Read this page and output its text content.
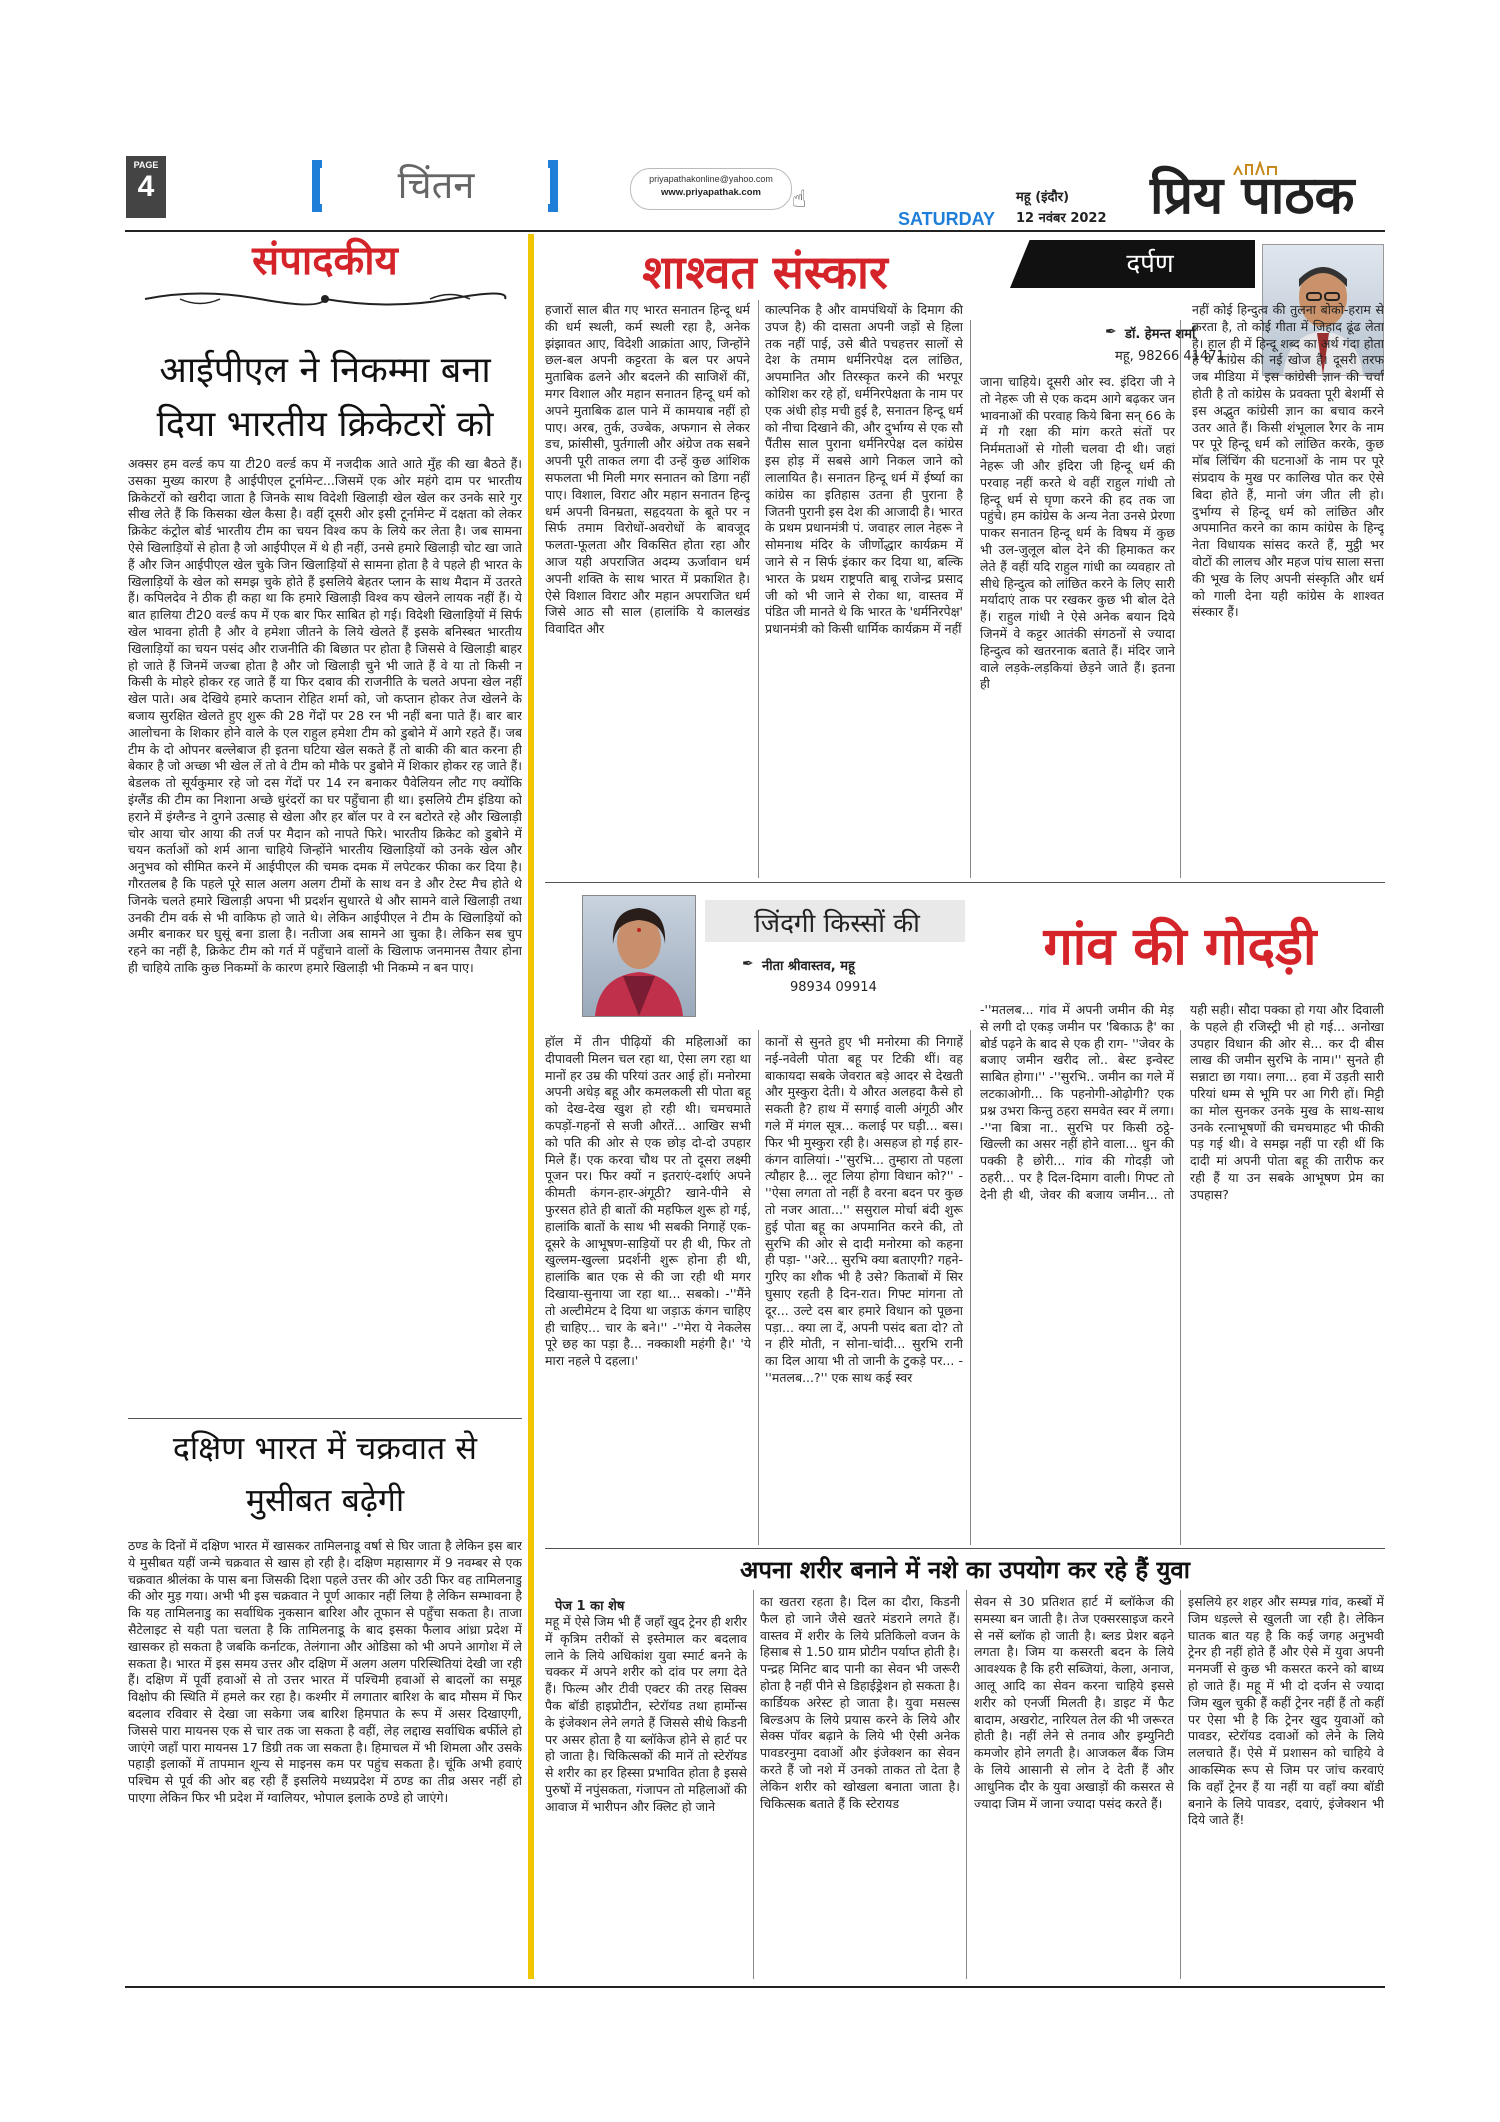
PAGE
4	चिंतन	priyapathakonline@yahoo.com
www.priyapathak.com	☝
SATURDAY
महू (इंदौर)
12 नवंबर 2022 प्रिय पाठक
संपादकीय
आईपीएल ने निकम्मा बना दिया भारतीय क्रिकेटरों को
अक्सर हम वर्ल्ड कप या टी20 वर्ल्ड कप में नजदीक आते आते मुँह की खा बैठते हैं। उसका मुख्य कारण है आईपीएल टूर्नामेन्ट...जिसमें एक ओर महंगे दाम पर भारतीय क्रिकेटरों को खरीदा जाता है जिनके साथ विदेशी खिलाड़ी खेल खेल कर उनके सारे गुर सीख लेते हैं कि किसका खेल कैसा है। वहीं दूसरी ओर इसी टूर्नामेन्ट में दक्षता को लेकर क्रिकेट कंट्रोल बोर्ड भारतीय टीम का चयन विश्व कप के लिये कर लेता है। जब सामना ऐसे खिलाड़ियों से होता है जो आईपीएल में थे ही नहीं, उनसे हमारे खिलाड़ी चोट खा जाते हैं और जिन आईपीएल खेल चुके जिन खिलाड़ियों से सामना होता है वे पहले ही भारत के खिलाड़ियों के खेल को समझ चुके होते हैं इसलिये बेहतर प्लान के साथ मैदान में उतरते हैं। कपिलदेव ने ठीक ही कहा था कि हमारे खिलाड़ी विश्व कप खेलने लायक नहीं हैं। ये बात हालिया टी20 वर्ल्ड कप में एक बार फिर साबित हो गई। विदेशी खिलाड़ियों में सिर्फ खेल भावना होती है और वे हमेशा जीतने के लिये खेलते हैं इसके बनिस्बत भारतीय खिलाड़ियों का चयन पसंद और राजनीति की बिछात पर होता है जिससे वे खिलाड़ी बाहर हो जाते हैं जिनमें जज्बा होता है और जो खिलाड़ी चुने भी जाते हैं वे या तो किसी न किसी के मोहरे होकर रह जाते हैं या फिर दबाव की राजनीति के चलते अपना खेल नहीं खेल पाते। अब देखिये हमारे कप्तान रोहित शर्मा को, जो कप्तान होकर तेज खेलने के बजाय सुरक्षित खेलते हुए शुरू की 28 गेंदों पर 28 रन भी नहीं बना पाते हैं। बार बार आलोचना के शिकार होने वाले के एल राहुल हमेशा टीम को डुबोने में आगे रहते हैं। जब टीम के दो ओपनर बल्लेबाज ही इतना घटिया खेल सकते हैं तो बाकी की बात करना ही बेकार है जो अच्छा भी खेल लें तो वे टीम को मौके पर डुबोने में शिकार होकर रह जाते हैं। बेडलक तो सूर्यकुमार रहे जो दस गेंदों पर 14 रन बनाकर पैवेलियन लौट गए क्योंकि इंग्लैंड की टीम का निशाना अच्छे धुरंदरों का घर पहुँचाना ही था। इसलिये टीम इंडिया को हराने में इंग्लैन्ड ने दुगने उत्साह से खेला और हर बॉल पर वे रन बटोरते रहे और खिलाड़ी चोर आया चोर आया की तर्ज पर मैदान को नापते फिरे। भारतीय क्रिकेट को डुबोने में चयन कर्ताओं को शर्म आना चाहिये जिन्होंने भारतीय खिलाड़ियों को उनके खेल और अनुभव को सीमित करने में आईपीएल की चमक दमक में लपेटकर फीका कर दिया है। गौरतलब है कि पहले पूरे साल अलग अलग टीमों के साथ वन डे और टेस्ट मैच होते थे जिनके चलते हमारे खिलाड़ी अपना भी प्रदर्शन सुधारते थे और सामने वाले खिलाड़ी तथा उनकी टीम वर्क से भी वाकिफ हो जाते थे। लेकिन आईपीएल ने टीम के खिलाड़ियों को अमीर बनाकर घर घुसूं बना डाला है। नतीजा अब सामने आ चुका है। लेकिन सब चुप रहने का नहीं है, क्रिकेट टीम को गर्त में पहुँचाने वालों के खिलाफ जनमानस तैयार होना ही चाहिये ताकि कुछ निकम्मों के कारण हमारे खिलाड़ी भी निकम्मे न बन पाए।
दक्षिण भारत में चक्रवात से मुसीबत बढ़ेगी
ठण्ड के दिनों में दक्षिण भारत में खासकर तामिलनाडू वर्षा से घिर जाता है लेकिन इस बार ये मुसीबत यहीं जन्मे चक्रवात से खास हो रही है। दक्षिण महासागर में 9 नवम्बर से एक चक्रवात श्रीलंका के पास बना जिसकी दिशा पहले उत्तर की ओर उठी फिर वह तामिलनाडु की ओर मुड़ गया। अभी भी इस चक्रवात ने पूर्ण आकार नहीं लिया है लेकिन सम्भावना है कि यह तामिलनाडु का सर्वाधिक नुकसान बारिश और तूफान से पहुँचा सकता है। ताजा सैटेलाइट से यही पता चलता है कि तामिलनाडू के बाद इसका फैलाव आंध्रा प्रदेश में खासकर हो सकता है जबकि कर्नाटक, तेलंगाना और ओडिसा को भी अपने आगोश में ले सकता है। भारत में इस समय उत्तर और दक्षिण में अलग अलग परिस्थितियां देखी जा रही हैं। दक्षिण में पूर्वी हवाओं से तो उत्तर भारत में पश्चिमी हवाओं से बादलों का समूह विक्षोप की स्थिति में हमले कर रहा है। कश्मीर में लगातार बारिश के बाद मौसम में फिर बदलाव रविवार से देखा जा सकेगा जब बारिश हिमपात के रूप में असर दिखाएगी, जिससे पारा मायनस एक से चार तक जा सकता है वहीं, लेह लद्दाख सर्वाधिक बर्फीले हो जाएंगे जहाँ पारा मायनस 17 डिग्री तक जा सकता है। हिमाचल में भी शिमला और उसके पहाड़ी इलाकों में तापमान शून्य से माइनस कम पर पहुंच सकता है। चूंकि अभी हवाएं पश्चिम से पूर्व की ओर बह रही हैं इसलिये मध्यप्रदेश में ठण्ड का तीव्र असर नहीं हो पाएगा लेकिन फिर भी प्रदेश में ग्वालियर, भोपाल इलाके ठण्डे हो जाएंगे।
शाश्वत संस्कार
हजारों साल बीत गए भारत सनातन हिन्दू धर्म की धर्म स्थली, कर्म स्थली रहा है, अनेक झंझावत आए, विदेशी आक्रांता आए, जिन्होंने छल-बल अपनी कट्टरता के बल पर अपने मुताबिक ढलने और बदलने की साजिशें कीं, मगर विशाल और महान सनातन हिन्दू धर्म को अपने मुताबिक ढाल पाने में कामयाब नहीं हो पाए। अरब, तुर्क, उज्बेक, अफगान से लेकर डच, फ्रांसीसी, पुर्तगाली और अंग्रेज तक सबने अपनी पूरी ताकत लगा दी उन्हें कुछ आंशिक सफलता भी मिली मगर सनातन को डिगा नहीं पाए। विशाल, विराट और महान सनातन हिन्दू धर्म अपनी विनम्रता, सहृदयता के बूते पर न सिर्फ तमाम विरोधों-अवरोधों के बावजूद फलता-फूलता और विकसित होता रहा और आज यही अपराजित अदम्य ऊर्जावान धर्म अपनी शक्ति के साथ भारत में प्रकाशित है। ऐसे विशाल विराट और महान अपराजित धर्म जिसे आठ सौ साल (हालांकि ये कालखंड विवादित और
काल्पनिक है और वामपंथियों के दिमाग की उपज है) की दासता अपनी जड़ों से हिला तक नहीं पाई, उसे बीते पचहत्तर सालों से देश के तमाम धर्मनिरपेक्ष दल लांछित, अपमानित और तिरस्कृत करने की भरपूर कोशिश कर रहे हों, धर्मनिरपेक्षता के नाम पर एक अंधी होड़ मची हुई है, सनातन हिन्दू धर्म को नीचा दिखाने की, और दुर्भाग्य से एक सौ पैंतीस साल पुराना धर्मनिरपेक्ष दल कांग्रेस इस होड़ में सबसे आगे निकल जाने को लालायित है। सनातन हिन्दू धर्म में ईर्ष्या का कांग्रेस का इतिहास उतना ही पुराना है जितनी पुरानी इस देश की आजादी है। भारत के प्रथम प्रधानमंत्री पं. जवाहर लाल नेहरू ने सोमनाथ मंदिर के जीर्णोद्धार कार्यक्रम में जाने से न सिर्फ इंकार कर दिया था, बल्कि भारत के प्रथम राष्ट्रपति बाबू राजेन्द्र प्रसाद जी को भी जाने से रोका था, वास्तव में पंडित जी मानते थे कि भारत के 'धर्मनिरपेक्ष' प्रधानमंत्री को किसी धार्मिक कार्यक्रम में नहीं
दर्पण
✒ डॉ. हेमन्त शर्मा
महू, 98266 41471
जाना चाहिये। दूसरी ओर स्व. इंदिरा जी ने तो नेहरू जी से एक कदम आगे बढ़कर जन भावनाओं की परवाह किये बिना सन् 66 के में गौ रक्षा की मांग करते संतों पर निर्ममताओं से गोली चलवा दी थी। जहां नेहरू जी और इंदिरा जी हिन्दू धर्म की परवाह नहीं करते थे वहीं राहुल गांधी तो हिन्दू धर्म से घृणा करने की हद तक जा पहुंचे। हम कांग्रेस के अन्य नेता उनसे प्रेरणा पाकर सनातन हिन्दू धर्म के विषय में कुछ भी उल-जुलूल बोल देने की हिमाकत कर लेते हैं वहीं यदि राहुल गांधी का व्यवहार तो सीधे हिन्दुत्व को लांछित करने के लिए सारी मर्यादाएं ताक पर रखकर कुछ भी बोल देते हैं। राहुल गांधी ने ऐसे अनेक बयान दिये जिनमें वे कट्टर आतंकी संगठनों से ज्यादा हिन्दुत्व को खतरनाक बताते हैं। मंदिर जाने वाले लड़के-लड़कियां छेड़ने जाते हैं। इतना ही
नहीं कोई हिन्दुत्व की तुलना बोको-हराम से करता है, तो कोई गीता में जिहाद ढूंढ लेता है। हाल ही में हिन्दू शब्द का अर्थ गंदा होता है ये कांग्रेस की नई खोज है। दूसरी तरफ जब मीडिया में इस कांग्रेसी ज्ञान की चर्चा होती है तो कांग्रेस के प्रवक्ता पूरी बेशर्मी से इस अद्भुत कांग्रेसी ज्ञान का बचाव करने उतर आते हैं। किसी शंभूलाल रैगर के नाम पर पूरे हिन्दू धर्म को लांछित करके, कुछ मॉब लिंचिंग की घटनाओं के नाम पर पूरे संप्रदाय के मुख पर कालिख पोत कर ऐसे बिदा होते हैं, मानो जंग जीत ली हो। दुर्भाग्य से हिन्दू धर्म को लांछित और अपमानित करने का काम कांग्रेस के हिन्दू नेता विधायक सांसद करते हैं, मुट्ठी भर वोटों की लालच और महज पांच साला सत्ता की भूख के लिए अपनी संस्कृति और धर्म को गाली देना यही कांग्रेस के शाश्वत संस्कार हैं।
जिंदगी किस्सों की
✒ नीता श्रीवास्तव, महू
98934 09914
गांव की गोदड़ी
हॉल में तीन पीढ़ियों की महिलाओं का दीपावली मिलन चल रहा था, ऐसा लग रहा था मानों हर उम्र की परियां उतर आई हों। मनोरमा अपनी अधेड़ बहू और कमलकली सी पोता बहू को देख-देख खुश हो रही थी। चमचमाते कपड़ों-गहनों से सजी औरतें... आखिर सभी को पति की ओर से एक छोड़ दो-दो उपहार मिले हैं। एक करवा चौथ पर तो दूसरा लक्ष्मी पूजन पर। फिर क्यों न इतराएं-दर्शाएं अपने कीमती कंगन-हार-अंगूठी? खाने-पीने से फुरसत होते ही बातों की महफिल शुरू हो गई, हालांकि बातों के साथ भी सबकी निगाहें एक-दूसरे के आभूषण-साड़ियों पर ही थी, फिर तो खुल्लम-खुल्ला प्रदर्शनी शुरू होना ही थी, हालांकि बात एक से की जा रही थी मगर दिखाया-सुनाया जा रहा था... सबको। -''मैंने तो अल्टीमेटम दे दिया था जड़ाऊ कंगन चाहिए ही चाहिए... चार के बने।'' -''मेरा ये नेकलेस पूरे छह का पड़ा है... नक्काशी महंगी है।' 'ये मारा नहले पे दहला।'
कानों से सुनते हुए भी मनोरमा की निगाहें नई-नवेली पोता बहू पर टिकी थीं। वह बाकायदा सबके जेवरात बड़े आदर से देखती और मुस्कुरा देती। ये औरत अलहदा कैसे हो सकती है? हाथ में सगाई वाली अंगूठी और गले में मंगल सूत्र... कलाई पर घड़ी... बस। फिर भी मुस्कुरा रही है। असहज हो गई हार-कंगन वालियां। -''सुरभि... तुम्हारा तो पहला त्यौहार है... लूट लिया होगा विधान को?'' -''ऐसा लगता तो नहीं है वरना बदन पर कुछ तो नजर आता...'' ससुराल मोर्चा बंदी शुरू हुई पोता बहू का अपमानित करने की, तो सुरभि की ओर से दादी मनोरमा को कहना ही पड़ा- ''अरे... सुरभि क्या बताएगी? गहने-गुरिए का शौक भी है उसे? किताबों में सिर घुसाए रहती है दिन-रात। गिफ्ट मांगना तो दूर... उल्टे दस बार हमारे विधान को पूछना पड़ा... क्या ला दें, अपनी पसंद बता दो? तो न हीरे मोती, न सोना-चांदी... सुरभि रानी का दिल आया भी तो जानी के टुकड़े पर... -''मतलब...?'' एक साथ कई स्वर
-''मतलब... गांव में अपनी जमीन की मेड़ से लगी दो एकड़ जमीन पर 'बिकाऊ है' का बोर्ड पढ़ने के बाद से एक ही राग- ''जेवर के बजाए जमीन खरीद लो.. बेस्ट इन्वेस्ट साबित होगा।'' -''सुरभि.. जमीन का गले में लटकाओगी... कि पहनोगी-ओढ़ोगी? एक प्रश्न उभरा किन्तु ठहरा समवेत स्वर में लगा। -''ना बित्रा ना.. सुरभि पर किसी ठट्ठे-खिल्ली का असर नहीं होने वाला... धुन की पक्की है छोरी... गांव की गोदड़ी जो ठहरी... पर है दिल-दिमाग वाली। गिफ्ट तो देनी ही थी, जेवर की बजाय जमीन... तो यही सही। सौदा पक्का हो गया और दिवाली के पहले ही रजिस्ट्री भी हो गई... अनोखा उपहार विधान की ओर से... कर दी बीस लाख की जमीन सुरभि के नाम।'' सुनते ही सन्नाटा छा गया। लगा... हवा में उड़ती सारी परियां धम्म से भूमि पर आ गिरी हों। मिट्टी का मोल सुनकर उनके मुख के साथ-साथ उनके रत्नाभूषणों की चमचमाहट भी फीकी पड़ गई थी। वे समझ नहीं पा रही थीं कि दादी मां अपनी पोता बहू की तारीफ कर रही हैं या उन सबके आभूषण प्रेम का उपहास?
अपना शरीर बनाने में नशे का उपयोग कर रहे हैं युवा
पेज 1 का शेष
महू में ऐसे जिम भी हैं जहाँ खुद ट्रेनर ही शरीर में कृत्रिम तरीकों से इस्तेमाल कर बदलाव लाने के लिये अधिकांश युवा स्मार्ट बनने के चक्कर में अपने शरीर को दांव पर लगा देते हैं। फिल्म और टीवी एक्टर की तरह सिक्स पैक बॉडी हाइप्रोटीन, स्टेरॉयड तथा हार्मोन्स के इंजेक्शन लेने लगते हैं जिससे सीधे किडनी पर असर होता है या ब्लॉकेज होने से हार्ट पर हो जाता है। चिकित्सकों की मानें तो स्टेरॉयड से शरीर का हर हिस्सा प्रभावित होता है इससे पुरुषों में नपुंसकता, गंजापन तो महिलाओं की आवाज में भारीपन और क्लिट हो जाने
का खतरा रहता है। दिल का दौरा, किडनी फैल हो जाने जैसे खतरे मंडराने लगते हैं। वास्तव में शरीर के लिये प्रतिकिलो वजन के हिसाब से 1.50 ग्राम प्रोटीन पर्याप्त होती है। पन्द्रह मिनिट बाद पानी का सेवन भी जरूरी होता है नहीं पीने से डिहाईड्रेशन हो सकता है। कार्डियक अरेस्ट हो जाता है। युवा मसल्स बिल्डअप के लिये प्रयास करने के लिये और सेक्स पॉवर बढ़ाने के लिये भी ऐसी अनेक पावडरनुमा दवाओं और इंजेक्शन का सेवन करते हैं जो नशे में उनको ताकत तो देता है लेकिन शरीर को खोखला बनाता जाता है। चिकित्सक बताते हैं कि स्टेरायड
सेवन से 30 प्रतिशत हार्ट में ब्लॉकेज की समस्या बन जाती है। तेज एक्सरसाइज करने से नसें ब्लॉक हो जाती है। ब्लड प्रेशर बढ़ने लगता है। जिम या कसरती बदन के लिये आवश्यक है कि हरी सब्जियां, केला, अनाज, आलू आदि का सेवन करना चाहिये इससे शरीर को एनर्जी मिलती है। डाइट में फैट बादाम, अखरोट, नारियल तेल की भी जरूरत होती है। नहीं लेने से तनाव और इम्युनिटी कमजोर होने लगती है। आजकल बैंक जिम के लिये आसानी से लोन दे देती हैं और आधुनिक दौर के युवा अखाड़ों की कसरत से ज्यादा जिम में जाना ज्यादा पसंद करते हैं।
इसलिये हर शहर और सम्पन्न गांव, कस्बों में जिम धड़ल्ले से खुलती जा रही है। लेकिन घातक बात यह है कि कई जगह अनुभवी ट्रेनर ही नहीं होते हैं और ऐसे में युवा अपनी मनमर्जी से कुछ भी कसरत करने को बाध्य हो जाते हैं। महू में भी दो दर्जन से ज्यादा जिम खुल चुकी हैं कहीं ट्रेनर नहीं हैं तो कहीं पर ऐसा भी है कि ट्रेनर खुद युवाओं को पावडर, स्टेरॉयड दवाओं को लेने के लिये ललचाते हैं। ऐसे में प्रशासन को चाहिये वे आकस्मिक रूप से जिम पर जांच करवाएं कि वहाँ ट्रेनर हैं या नहीं या वहाँ क्या बॉडी बनाने के लिये पावडर, दवाएं, इंजेक्शन भी दिये जाते हैं!
